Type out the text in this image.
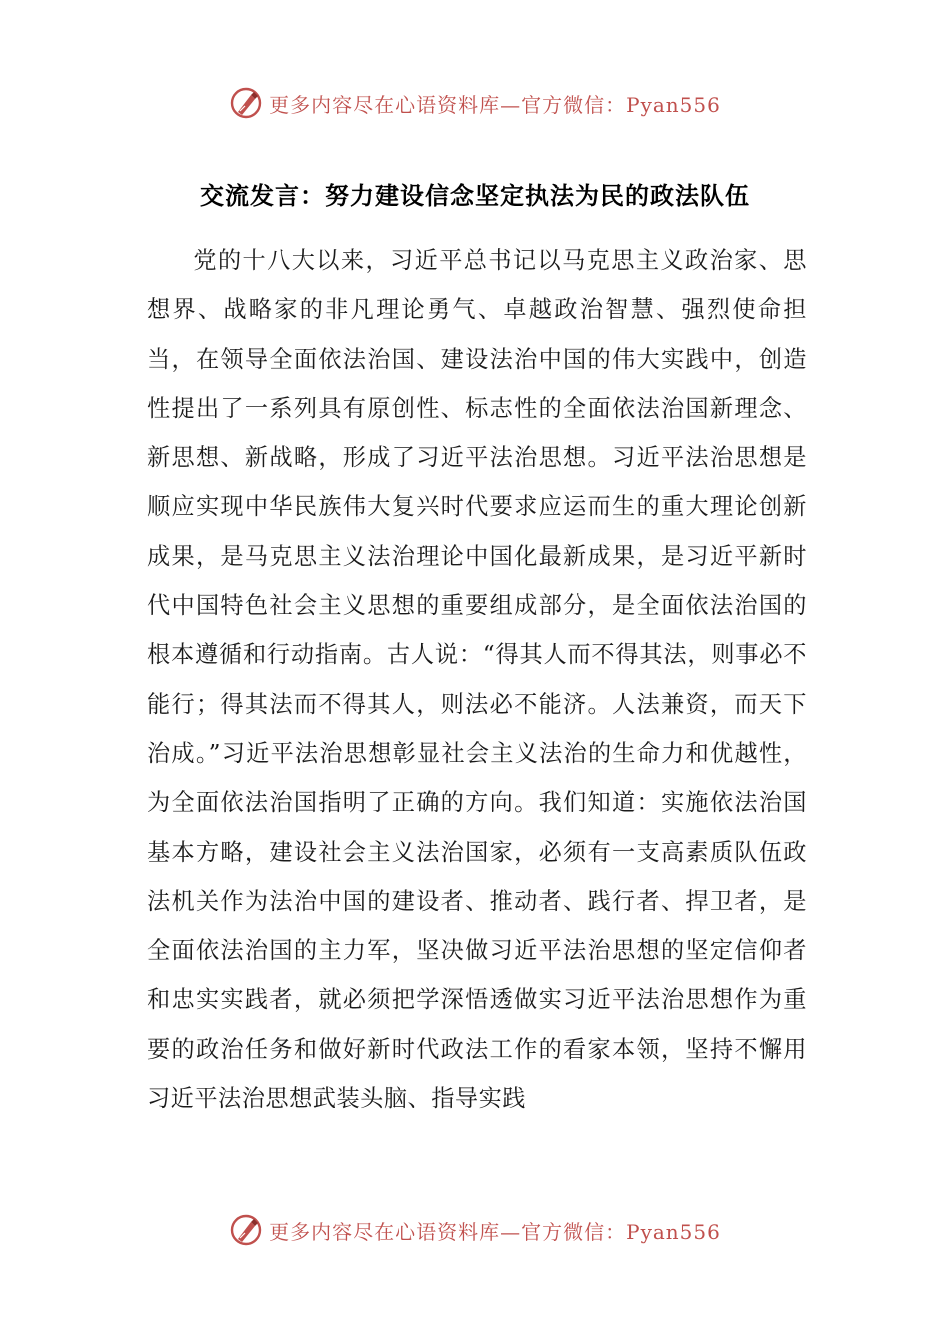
更多内容尽在心语资料库—官方微信：Pyan556
交流发言：努力建设信念坚定执法为民的政法队伍

党的十八大以来，习近平总书记以马克思主义政治家、思想界、战略家的非凡理论勇气、卓越政治智慧、强烈使命担当，在领导全面依法治国、建设法治中国的伟大实践中，创造性提出了一系列具有原创性、标志性的全面依法治国新理念、新思想、新战略，形成了习近平法治思想。习近平法治思想是顺应实现中华民族伟大复兴时代要求应运而生的重大理论创新成果，是马克思主义法治理论中国化最新成果，是习近平新时代中国特色社会主义思想的重要组成部分，是全面依法治国的根本遵循和行动指南。古人说：“得其人而不得其法，则事必不能行；得其法而不得其人，则法必不能济。人法兼资，而天下治成。”习近平法治思想彰显社会主义法治的生命力和优越性，为全面依法治国指明了正确的方向。我们知道：实施依法治国基本方略，建设社会主义法治国家，必须有一支高素质队伍政法机关作为法治中国的建设者、推动者、践行者、捍卫者，是全面依法治国的主力军，坚决做习近平法治思想的坚定信仰者和忠实实践者，就必须把学深悟透做实习近平法治思想作为重要的政治任务和做好新时代政法工作的看家本领，坚持不懈用习近平法治思想武装头脑、指导实践

更多内容尽在心语资料库—官方微信：Pyan556
